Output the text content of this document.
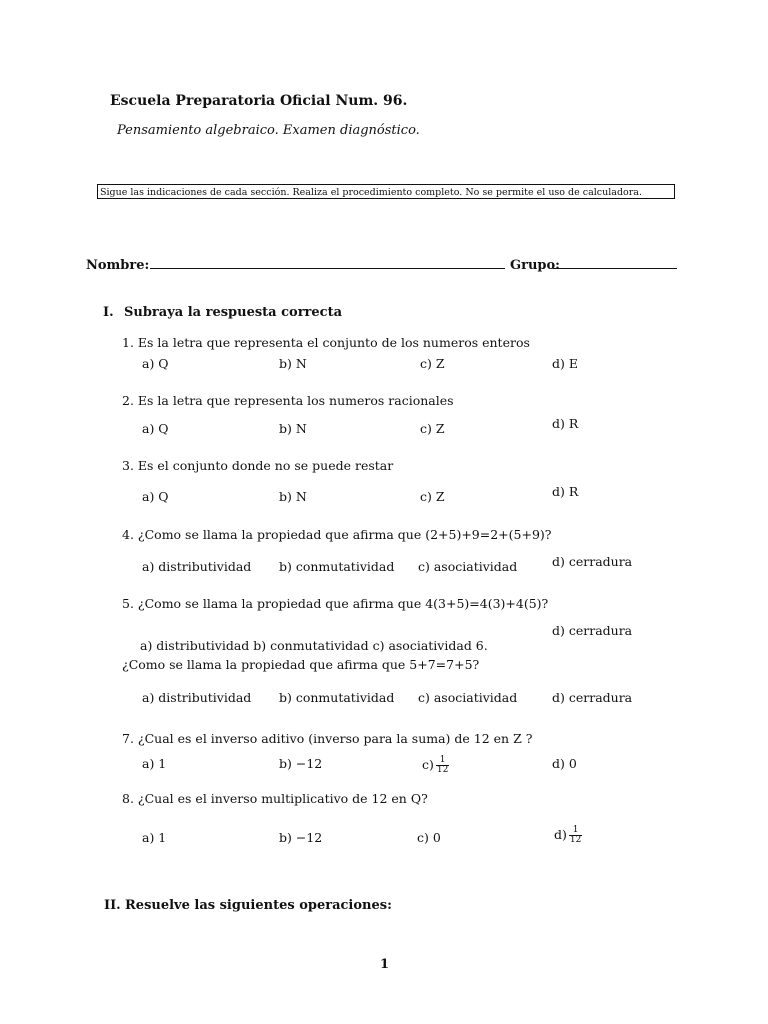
Escuela Preparatoria Oficial Num. 96.
Pensamiento algebraico. Examen diagnóstico.
Sigue las indicaciones de cada sección. Realiza el procedimiento completo. No se permite el uso de calculadora.
Nombre:	Grupo:
I. Subraya la respuesta correcta
1. Es la letra que representa el conjunto de los numeros enteros
a) Q	b) N	c) Z	d) E
2. Es la letra que representa los numeros racionales
a) Q	b) N	c) Z	d) R
3. Es el conjunto donde no se puede restar
a) Q	b) N	c) Z	d) R
4. ¿Como se llama la propiedad que afirma que (2+5)+9=2+(5+9)?
a) distributividad b) conmutatividad c) asociatividad	d) cerradura
5. ¿Como se llama la propiedad que afirma que 4(3+5)=4(3)+4(5)?
a) distributividad b) conmutatividad c) asociatividad 6. ¿Como se llama la propiedad que afirma que 5+7=7+5?
d) cerradura
a) distributividad b) conmutatividad c) asociatividad	d) cerradura
7. ¿Cual es el inverso aditivo (inverso para la suma) de 12 en Z ?
a) 1	b) −12	$c) \frac{1}{12}$	d) 0
8. ¿Cual es el inverso multiplicativo de 12 en Q?
a) 1	b) −12	c) 0	$d) \frac{1}{12}$
II. Resuelve las siguientes operaciones:
1
